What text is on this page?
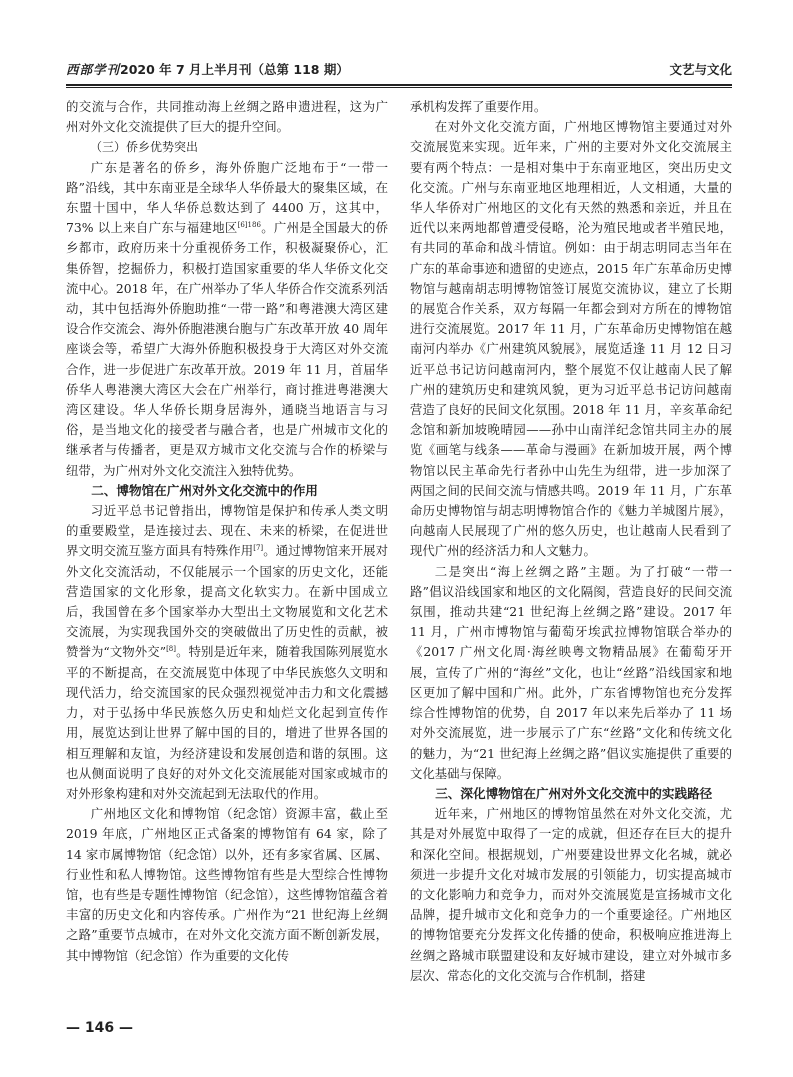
西部学刊2020 年 7 月上半月刊（总第 118 期）	文艺与文化

的交流与合作，共同推动海上丝绸之路申遗进程，这为广州对外文化交流提供了巨大的提升空间。

（三）侨乡优势突出

广东是著名的侨乡，海外侨胞广泛地布于“一带一路”沿线，其中东南亚是全球华人华侨最大的聚集区域，在东盟十国中，华人华侨总数达到了 4400 万，这其中，73% 以上来自广东与福建地区$^{[6]186}$。广州是全国最大的侨乡都市，政府历来十分重视侨务工作，积极凝聚侨心，汇集侨智，挖掘侨力，积极打造国家重要的华人华侨文化交流中心。2018 年，在广州举办了华人华侨合作交流系列活动，其中包括海外侨胞助推“一带一路”和粤港澳大湾区建设合作交流会、海外侨胞港澳台胞与广东改革开放 40 周年座谈会等，希望广大海外侨胞积极投身于大湾区对外交流合作，进一步促进广东改革开放。2019 年 11 月，首届华侨华人粤港澳大湾区大会在广州举行，商讨推进粤港澳大湾区建设。华人华侨长期身居海外，通晓当地语言与习俗，是当地文化的接受者与融合者，也是广州城市文化的继承者与传播者，更是双方城市文化交流与合作的桥梁与纽带，为广州对外文化交流注入独特优势。

二、博物馆在广州对外文化交流中的作用

习近平总书记曾指出，博物馆是保护和传承人类文明的重要殿堂，是连接过去、现在、未来的桥梁，在促进世界文明交流互鉴方面具有特殊作用[7]。通过博物馆来开展对外文化交流活动，不仅能展示一个国家的历史文化，还能营造国家的文化形象，提高文化软实力。在新中国成立后，我国曾在多个国家举办大型出土文物展览和文化艺术交流展，为实现我国外交的突破做出了历史性的贡献，被赞誉为“文物外交”[8]。特别是近年来，随着我国陈列展览水平的不断提高，在交流展览中体现了中华民族悠久文明和现代活力，给交流国家的民众强烈视觉冲击力和文化震撼力，对于弘扬中华民族悠久历史和灿烂文化起到宣传作用，展览达到让世界了解中国的目的，增进了世界各国的相互理解和友谊，为经济建设和发展创造和谐的氛围。这也从侧面说明了良好的对外文化交流展能对国家或城市的对外形象构建和对外交流起到无法取代的作用。

广州地区文化和博物馆（纪念馆）资源丰富，截止至 2019 年底，广州地区正式备案的博物馆有 64 家，除了 14 家市属博物馆（纪念馆）以外，还有多家省属、区属、行业性和私人博物馆。这些博物馆有些是大型综合性博物馆，也有些是专题性博物馆（纪念馆），这些博物馆蕴含着丰富的历史文化和内容传承。广州作为“21 世纪海上丝绸之路”重要节点城市，在对外文化交流方面不断创新发展，其中博物馆（纪念馆）作为重要的文化传

承机构发挥了重要作用。

在对外文化交流方面，广州地区博物馆主要通过对外交流展览来实现。近年来，广州的主要对外文化交流展主要有两个特点：一是相对集中于东南亚地区，突出历史文化交流。广州与东南亚地区地理相近，人文相通，大量的华人华侨对广州地区的文化有天然的熟悉和亲近，并且在近代以来两地都曾遭受侵略，沦为殖民地或者半殖民地，有共同的革命和战斗情谊。例如：由于胡志明同志当年在广东的革命事迹和遗留的史迹点，2015 年广东革命历史博物馆与越南胡志明博物馆签订展览交流协议，建立了长期的展览合作关系，双方每隔一年都会到对方所在的博物馆进行交流展览。2017 年 11 月，广东革命历史博物馆在越南河内举办《广州建筑风貌展》，展览适逢 11 月 12 日习近平总书记访问越南河内，整个展览不仅让越南人民了解广州的建筑历史和建筑风貌，更为习近平总书记访问越南营造了良好的民间文化氛围。2018 年 11 月，辛亥革命纪念馆和新加坡晚晴园——孙中山南洋纪念馆共同主办的展览《画笔与线条——革命与漫画》在新加坡开展，两个博物馆以民主革命先行者孙中山先生为纽带，进一步加深了两国之间的民间交流与情感共鸣。2019 年 11 月，广东革命历史博物馆与胡志明博物馆合作的《魅力羊城图片展》，向越南人民展现了广州的悠久历史，也让越南人民看到了现代广州的经济活力和人文魅力。

二是突出“海上丝绸之路”主题。为了打破“一带一路”倡议沿线国家和地区的文化隔阂，营造良好的民间交流氛围，推动共建“21 世纪海上丝绸之路”建设。2017 年 11 月，广州市博物馆与葡萄牙埃武拉博物馆联合举办的《2017 广州文化周·海丝映粤文物精品展》在葡萄牙开展，宣传了广州的“海丝”文化，也让“丝路”沿线国家和地区更加了解中国和广州。此外，广东省博物馆也充分发挥综合性博物馆的优势，自 2017 年以来先后举办了 11 场对外交流展览，进一步展示了广东“丝路”文化和传统文化的魅力，为“21 世纪海上丝绸之路”倡议实施提供了重要的文化基础与保障。

三、深化博物馆在广州对外文化交流中的实践路径

近年来，广州地区的博物馆虽然在对外文化交流，尤其是对外展览中取得了一定的成就，但还存在巨大的提升和深化空间。根据规划，广州要建设世界文化名城，就必须进一步提升文化对城市发展的引领能力，切实提高城市的文化影响力和竞争力，而对外交流展览是宣扬城市文化品牌，提升城市文化和竞争力的一个重要途径。广州地区的博物馆要充分发挥文化传播的使命，积极响应推进海上丝绸之路城市联盟建设和友好城市建设，建立对外城市多层次、常态化的文化交流与合作机制，搭建

— 146 —
